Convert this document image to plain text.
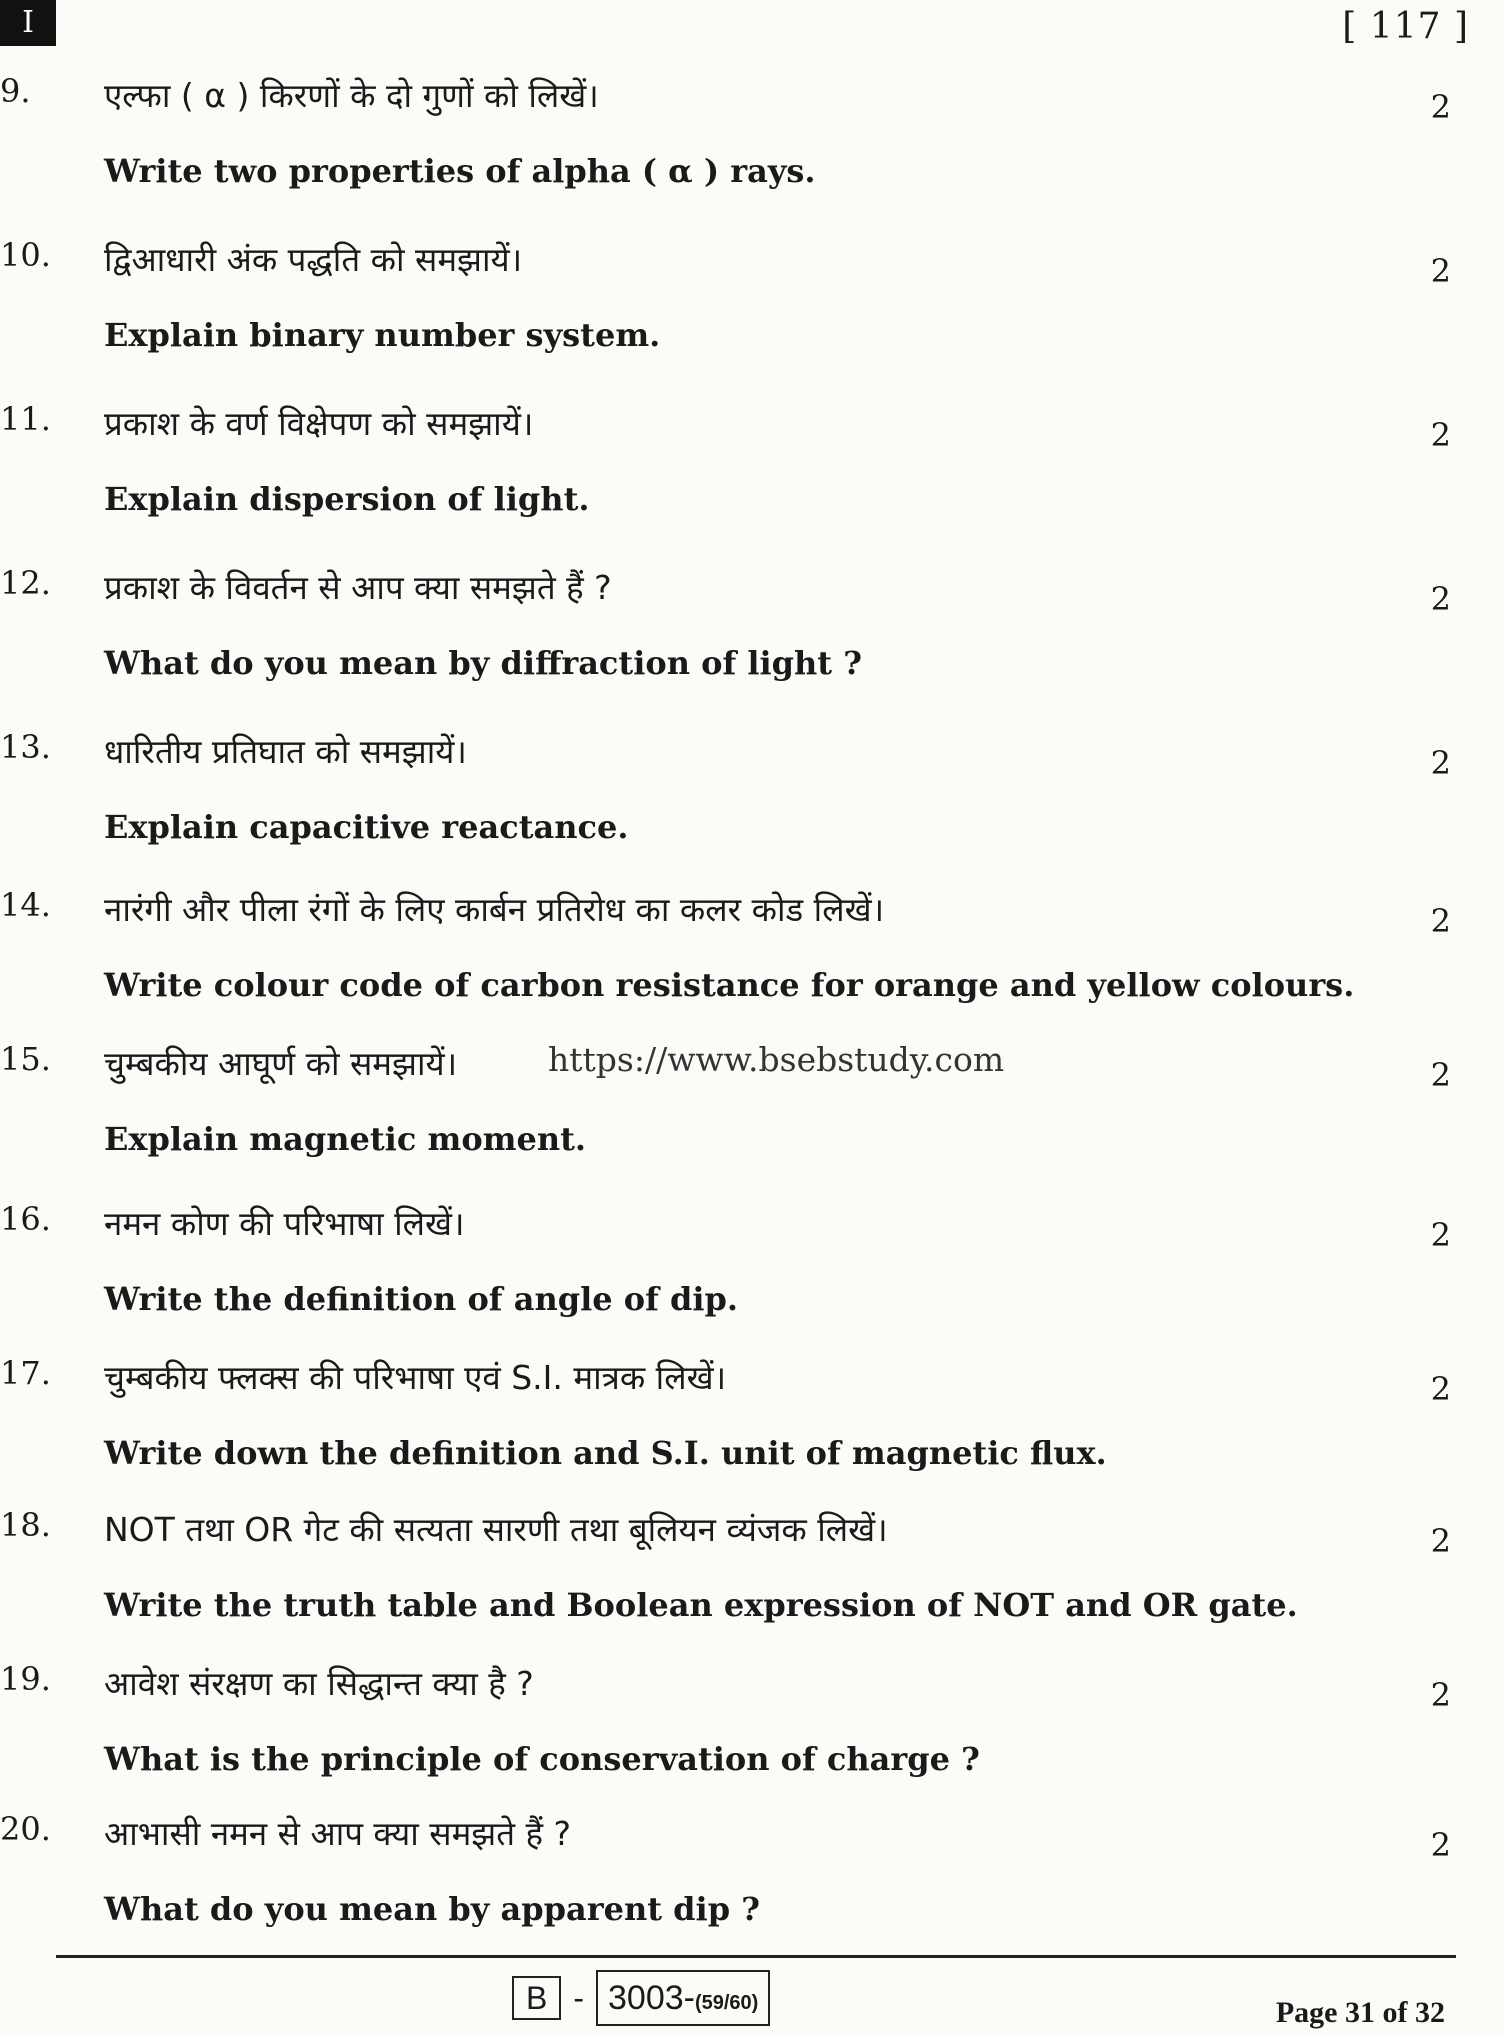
I	[ 117 ]
9. एल्फा ( α ) किरणों के दो गुणों को लिखें।
Write two properties of alpha ( α ) rays.
2
10. द्विआधारी अंक पद्धति को समझायें।
Explain binary number system.
2
11. प्रकाश के वर्ण विक्षेपण को समझायें।
Explain dispersion of light.
2
12. प्रकाश के विवर्तन से आप क्या समझते हैं ?
What do you mean by diffraction of light ?
2
13. धारितीय प्रतिघात को समझायें।
Explain capacitive reactance.
2
14. नारंगी और पीला रंगों के लिए कार्बन प्रतिरोध का कलर कोड लिखें।
Write colour code of carbon resistance for orange and yellow colours.
2
15. चुम्बकीय आघूर्ण को समझायें।
Explain magnetic moment.
2
https://www.bsebstudy.com
16. नमन कोण की परिभाषा लिखें।
Write the definition of angle of dip.
2
17. चुम्बकीय फ्लक्स की परिभाषा एवं S.I. मात्रक लिखें।
Write down the definition and S.I. unit of magnetic flux.
2
18. NOT तथा OR गेट की सत्यता सारणी तथा बूलियन व्यंजक लिखें।
Write the truth table and Boolean expression of NOT and OR gate.
2
19. आवेश संरक्षण का सिद्धान्त क्या है ?
What is the principle of conservation of charge ?
2
20. आभासी नमन से आप क्या समझते हैं ?
What do you mean by apparent dip ?
2
B - 3003-(59/60)	Page 31 of 32
